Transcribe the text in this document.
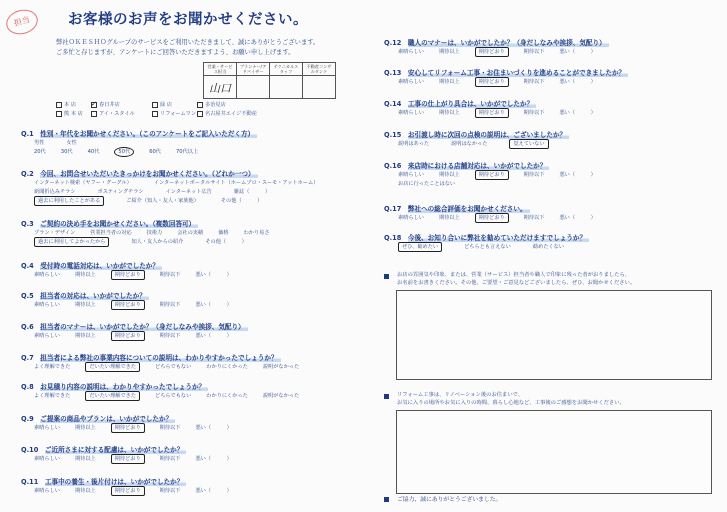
担当	お客様のお声をお聞かせください。
弊社ＯＫＥＳＨＯグループのサービスをご利用いただきまして、誠にありがとうございます。
ご多忙と存じますが、アンケートにご回答いただきますよう、お願い申し上げます。
営業・サービス担当	プランナー/アドバイザー	テクニカルスタッフ	不動産コンサルタント

山口
本 店 ✓ 春日井店	緑 店	多治見店
熊 本 店	アイ・スタイル	リフォームワン	名古屋井エイジ不動産
Q.1　 性別・年代をお聞かせください。（このアンケートをご記入いただく方）
男性	女性
20代	30代	40代	50代	60代	70代以上
Q.2　 今回、お問合せいただいたきっかけをお聞かせください。（どれか一つ）
インターネット検索（ヤフー・グーグル）	インターネットポータルサイト（ホームプロ・スーモ・アットホーム）
新聞折込みチラシ	ポスティングチラシ	インターネット広告	雑誌（　　　）
過去に利用したことがある	ご紹介（知人・友人・家族他）	その他（　　　）
Q.3　 ご契約の決め手をお聞かせください。（複数回答可）
プラン・デザイン	営業担当者の対応	技術力	会社の実績	価格	わかり易さ
過去に利用してよかったから	知人・友人からの紹介	その他（　　　）
Q.4　 受付時の電話対応は、いかがでしたか？
素晴らしい	期待以上	期待どおり	期待以下	悪い（　　　）
Q.5　 担当者の対応は、いかがでしたか？
素晴らしい	期待以上	期待どおり	期待以下	悪い（　　　）
Q.6　 担当者のマナーは、いかがでしたか？（身だしなみや挨拶、気配り）
素晴らしい	期待以上	期待どおり	期待以下	悪い（　　　）
Q.7　 担当者による弊社の事業内容についての説明は、わかりやすかったでしょうか？
よく理解できた	だいたい理解できた	どちらでもない	わかりにくかった	説明がなかった
Q.8　 お見積り内容の説明は、わかりやすかったでしょうか？
よく理解できた	だいたい理解できた	どちらでもない	わかりにくかった	説明がなかった
Q.9　 ご提案の商品やプランは、いかがでしたか？
素晴らしい	期待以上	期待どおり	期待以下	悪い（　　　）
Q.10　 ご近所さまに対する配慮は、いかがでしたか？
素晴らしい	期待以上	期待どおり	期待以下	悪い（　　　）
Q.11　 工事中の養生・後片付けは、いかがでしたか？
素晴らしい	期待以上	期待どおり	期待以下	悪い（　　　）
Q.12　 職人のマナーは、いかがでしたか？（身だしなみや挨拶、気配り）
素晴らしい	期待以上	期待どおり	期待以下	悪い（　　　）
Q.13　 安心してリフォーム工事・お住まいづくりを進めることができましたか？
素晴らしい	期待以上	期待どおり	期待以下	悪い（　　　）
Q.14　 工事の仕上がり具合は、いかがでしたか？
素晴らしい	期待以上	期待どおり	期待以下	悪い（　　　）
Q.15　 お引渡し時に次回の点検の説明は、ございましたか？
説明はあった	説明はなかった	覚えていない
Q.16　 来店時における店舗対応は、いかがでしたか？
素晴らしい	期待以上	期待どおり	期待以下	悪い（　　　）
お店に行ったことはない
Q.17　 弊社への総合評価をお聞かせください。
素晴らしい	期待以上	期待どおり	期待以下	悪い（　　　）
Q.18　 今後、お知り合いに弊社を勧めていただけますでしょうか？
ぜひ、勧めたい	どちらとも言えない	勧めたくない
お店の雰囲気や印象、または、営業（サービス）担当者や職人で印象に残った者がおりましたら、
お名前をお書きください。その他、ご要望・ご意見などございましたら、ぜひ、お聞かせください。
リフォーム工事は、リノベーション後のお住まいで、
お気に入りの場所やお気に入りの時間、暮らし心地など、工事後のご感想をお聞かせください。
ご協力、誠にありがとうございました。
